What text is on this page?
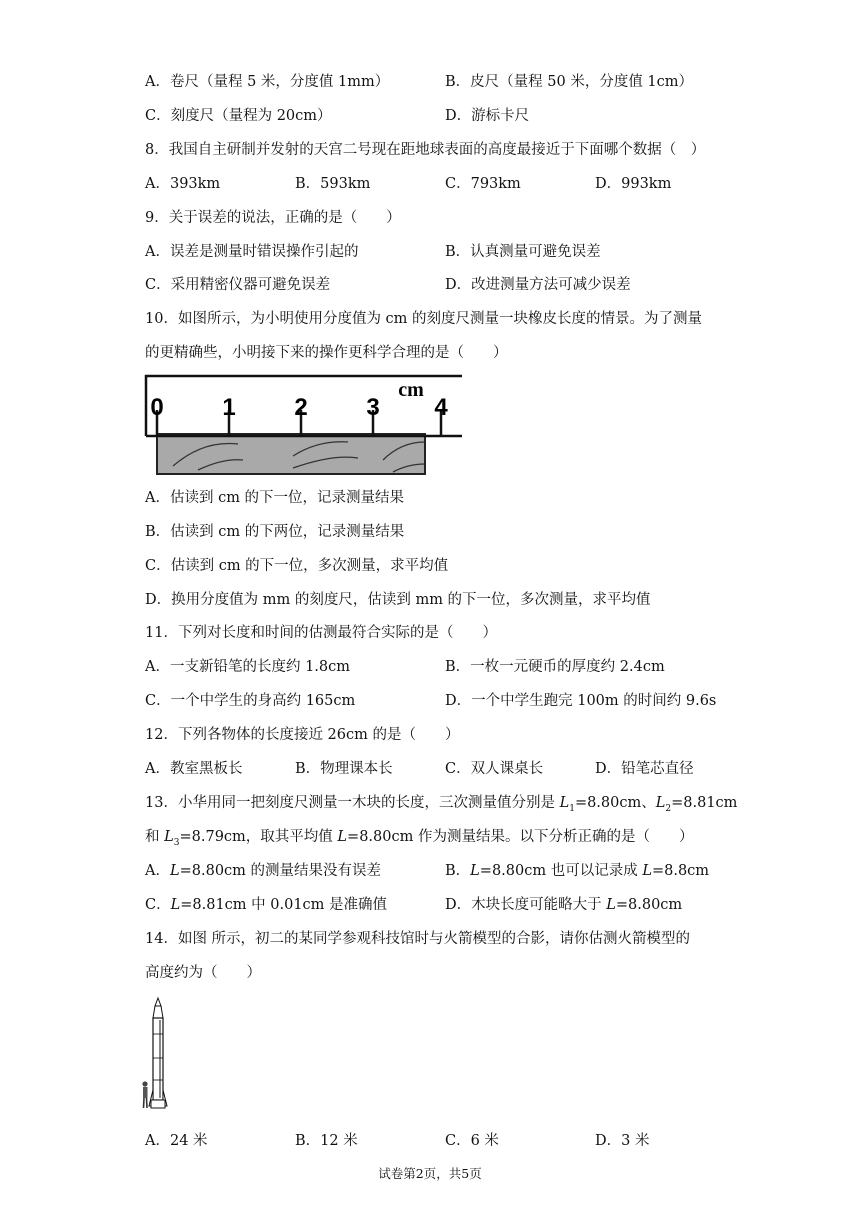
A．卷尺（量程 5 米，分度值 1mm）	B．皮尺（量程 50 米，分度值 1cm）
C．刻度尺（量程为 20cm）	D．游标卡尺
8．我国自主研制并发射的天宫二号现在距地球表面的高度最接近于下面哪个数据（　）
A．393km	B．593km	C．793km	D．993km
9．关于误差的说法，正确的是（　　）
A．误差是测量时错误操作引起的	B．认真测量可避免误差
C．采用精密仪器可避免误差	D．改进测量方法可减少误差
10．如图所示，为小明使用分度值为 cm 的刻度尺测量一块橡皮长度的情景。为了测量
的更精确些，小明接下来的操作更科学合理的是（　　）
0 1 2 3 4
cm
A．估读到 cm 的下一位，记录测量结果
B．估读到 cm 的下两位，记录测量结果
C．估读到 cm 的下一位，多次测量，求平均值
D．换用分度值为 mm 的刻度尺，估读到 mm 的下一位，多次测量，求平均值
11．下列对长度和时间的估测最符合实际的是（　　）
A．一支新铅笔的长度约 1.8cm	B．一枚一元硬币的厚度约 2.4cm
C．一个中学生的身高约 165cm	D．一个中学生跑完 100m 的时间约 9.6s
12．下列各物体的长度接近 26cm 的是（　　）
A．教室黑板长	B．物理课本长	C．双人课桌长	D．铅笔芯直径
13．小华用同一把刻度尺测量一木块的长度，三次测量值分别是 $L_1=8.80cm$、$L_2=8.81cm$
和 $L_3=8.79cm$，取其平均值 L=8.80cm 作为测量结果。以下分析正确的是（　　）
A．L=8.80cm 的测量结果没有误差	B．L=8.80cm 也可以记录成 L=8.8cm
C．L=8.81cm 中 0.01cm 是准确值	D．木块长度可能略大于 L=8.80cm
14．如图 所示，初二的某同学参观科技馆时与火箭模型的合影，请你估测火箭模型的
高度约为（　　）
A．24 米	B．12 米	C．6 米	D．3 米
试卷第2页，共5页
